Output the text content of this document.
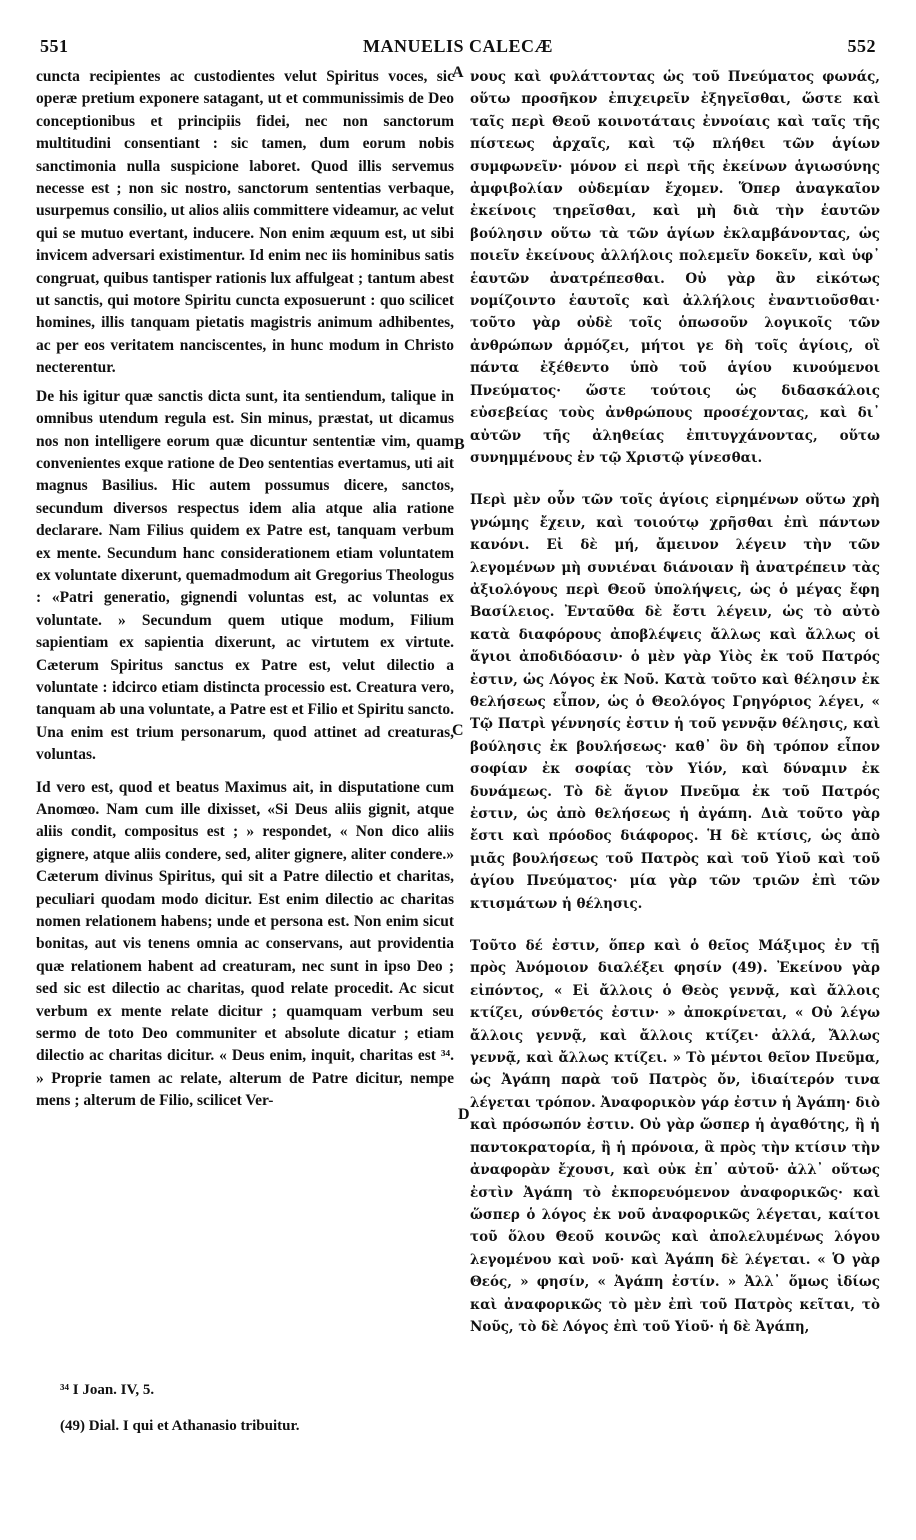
551	MANUELIS CALECÆ	552

cuncta recipientes ac custodientes velut Spiritus voces, sic operæ pretium exponere satagant, ut et communissimis de Deo conceptionibus et principiis fidei, nec non sanctorum multitudini consentiant : sic tamen, dum eorum nobis sanctimonia nulla suspicione laboret. Quod illis servemus necesse est ; non sic nostro, sanctorum sententias verbaque, usurpemus consilio, ut alios aliis committere videamur, ac velut qui se mutuo evertant, inducere. Non enim æquum est, ut sibi invicem adversari existimentur. Id enim nec iis hominibus satis congruat, quibus tantisper rationis lux affulgeat ; tantum abest ut sanctis, qui motore Spiritu cuncta exposuerunt : quo scilicet homines, illis tanquam pietatis magistris animum adhibentes, ac per eos veritatem nanciscentes, in hunc modum in Christo necterentur.

De his igitur quæ sanctis dicta sunt, ita sentiendum, talique in omnibus utendum regula est. Sin minus, præstat, ut dicamus nos non intelligere eorum quæ dicuntur sententiæ vim, quam convenientes exque ratione de Deo sententias evertamus, uti ait magnus Basilius. Hic autem possumus dicere, sanctos, secundum diversos respectus idem alia atque alia ratione declarare. Nam Filius quidem ex Patre est, tanquam verbum ex mente. Secundum hanc considerationem etiam voluntatem ex voluntate dixerunt, quemadmodum ait Gregorius Theologus : «Patri generatio, gignendi voluntas est, ac voluntas ex voluntate. » Secundum quem utique modum, Filium sapientiam ex sapientia dixerunt, ac virtutem ex virtute. Cæterum Spiritus sanctus ex Patre est, velut dilectio a voluntate : idcirco etiam distincta processio est. Creatura vero, tanquam ab una voluntate, a Patre est et Filio et Spiritu sancto. Una enim est trium personarum, quod attinet ad creaturas, voluntas.

Id vero est, quod et beatus Maximus ait, in disputatione cum Anomœo. Nam cum ille dixisset, «Si Deus aliis gignit, atque aliis condit, compositus est ; » respondet, « Non dico aliis gignere, atque aliis condere, sed, aliter gignere, aliter condere.» Cæterum divinus Spiritus, qui sit a Patre dilectio et charitas, peculiari quodam modo dicitur. Est enim dilectio ac charitas nomen relationem habens; unde et persona est. Non enim sicut bonitas, aut vis tenens omnia ac conservans, aut providentia quæ relationem habent ad creaturam, nec sunt in ipso Deo ; sed sic est dilectio ac charitas, quod relate procedit. Ac sicut verbum ex mente relate dicitur ; quamquam verbum seu sermo de toto Deo communiter et absolute dicatur ; etiam dilectio ac charitas dicitur. « Deus enim, inquit, charitas est ³⁴. » Proprie tamen ac relate, alterum de Patre dicitur, nempe mens ; alterum de Filio, scilicet Ver-

νους καὶ φυλάττοντας ὡς τοῦ Πνεύματος φωνάς, οὕτω προσῆκον ἐπιχειρεῖν ἐξηγεῖσθαι, ὥστε καὶ ταῖς περὶ Θεοῦ κοινοτάταις ἐννοίαις καὶ ταῖς τῆς πίστεως ἀρχαῖς, καὶ τῷ πλήθει τῶν ἁγίων συμφωνεῖν· μόνον εἰ περὶ τῆς ἐκείνων ἁγιωσύνης ἀμφιβολίαν οὐδεμίαν ἔχομεν. Ὅπερ ἀναγκαῖον ἐκείνοις τηρεῖσθαι, καὶ μὴ διὰ τὴν ἑαυτῶν βούλησιν οὕτω τὰ τῶν ἁγίων ἐκλαμβάνοντας, ὡς ποιεῖν ἐκείνους ἀλλήλοις πολεμεῖν δοκεῖν, καὶ ὑφ᾽ ἑαυτῶν ἀνατρέπεσθαι. Οὐ γὰρ ἂν εἰκότως νομίζοιντο ἑαυτοῖς καὶ ἀλλήλοις ἐναντιοῦσθαι· τοῦτο γὰρ οὐδὲ τοῖς ὁπωσοῦν λογικοῖς τῶν ἀνθρώπων ἁρμόζει, μήτοι γε δὴ τοῖς ἁγίοις, οἳ πάντα ἐξέθεντο ὑπὸ τοῦ ἁγίου κινούμενοι Πνεύματος· ὥστε τούτοις ὡς διδασκάλοις εὐσεβείας τοὺς ἀνθρώπους προσέχοντας, καὶ δι᾽ αὐτῶν τῆς ἀληθείας ἐπιτυγχάνοντας, οὕτω συνημμένους ἐν τῷ Χριστῷ γίνεσθαι.

Περὶ μὲν οὖν τῶν τοῖς ἁγίοις εἰρημένων οὕτω χρὴ γνώμης ἔχειν, καὶ τοιούτῳ χρῆσθαι ἐπὶ πάντων κανόνι. Εἰ δὲ μή, ἄμεινον λέγειν τὴν τῶν λεγομένων μὴ συνιέναι διάνοιαν ἢ ἀνατρέπειν τὰς ἀξιολόγους περὶ Θεοῦ ὑπολήψεις, ὡς ὁ μέγας ἔφη Βασίλειος. Ἐνταῦθα δὲ ἔστι λέγειν, ὡς τὸ αὐτὸ κατὰ διαφόρους ἀποβλέψεις ἄλλως καὶ ἄλλως οἱ ἅγιοι ἀποδιδόασιν· ὁ μὲν γὰρ Υἱὸς ἐκ τοῦ Πατρός ἐστιν, ὡς Λόγος ἐκ Νοῦ. Κατὰ τοῦτο καὶ θέλησιν ἐκ θελήσεως εἶπον, ὡς ὁ Θεολόγος Γρηγόριος λέγει, « Τῷ Πατρὶ γέννησίς ἐστιν ἡ τοῦ γεννᾷν θέλησις, καὶ βούλησις ἐκ βουλήσεως· καθ᾽ ὃν δὴ τρόπον εἶπον σοφίαν ἐκ σοφίας τὸν Υἱόν, καὶ δύναμιν ἐκ δυνάμεως. Τὸ δὲ ἅγιον Πνεῦμα ἐκ τοῦ Πατρός ἐστιν, ὡς ἀπὸ θελήσεως ἡ ἀγάπη. Διὰ τοῦτο γὰρ ἔστι καὶ πρόοδος διάφορος. Ἡ δὲ κτίσις, ὡς ἀπὸ μιᾶς βουλήσεως τοῦ Πατρὸς καὶ τοῦ Υἱοῦ καὶ τοῦ ἁγίου Πνεύματος· μία γὰρ τῶν τριῶν ἐπὶ τῶν κτισμάτων ἡ θέλησις.

Τοῦτο δέ ἐστιν, ὅπερ καὶ ὁ θεῖος Μάξιμος ἐν τῇ πρὸς Ἀνόμοιον διαλέξει φησίν (49). Ἐκείνου γὰρ εἰπόντος, « Εἰ ἄλλοις ὁ Θεὸς γεννᾷ, καὶ ἄλλοις κτίζει, σύνθετός ἐστιν· » ἀποκρίνεται, « Οὐ λέγω ἄλλοις γεννᾷ, καὶ ἄλλοις κτίζει· ἀλλά, Ἄλλως γεννᾷ, καὶ ἄλλως κτίζει. » Τὸ μέντοι θεῖον Πνεῦμα, ὡς Ἀγάπη παρὰ τοῦ Πατρὸς ὄν, ἰδιαίτερόν τινα λέγεται τρόπον. Ἀναφορικὸν γάρ ἐστιν ἡ Ἀγάπη· διὸ καὶ πρόσωπόν ἐστιν. Οὐ γὰρ ὥσπερ ἡ ἀγαθότης, ἢ ἡ παντοκρατορία, ἢ ἡ πρόνοια, ἃ πρὸς τὴν κτίσιν τὴν ἀναφορὰν ἔχουσι, καὶ οὐκ ἐπ᾽ αὐτοῦ· ἀλλ᾽ οὕτως ἐστὶν Ἀγάπη τὸ ἐκπορευόμενον ἀναφορικῶς· καὶ ὥσπερ ὁ λόγος ἐκ νοῦ ἀναφορικῶς λέγεται, καίτοι τοῦ ὅλου Θεοῦ κοινῶς καὶ ἀπολελυμένως λόγου λεγομένου καὶ νοῦ· καὶ Ἀγάπη δὲ λέγεται. « Ὁ γὰρ Θεός, » φησίν, « Ἀγάπη ἐστίν. » Ἀλλ᾽ ὅμως ἰδίως καὶ ἀναφορικῶς τὸ μὲν ἐπὶ τοῦ Πατρὸς κεῖται, τὸ Νοῦς, τὸ δὲ Λόγος ἐπὶ τοῦ Υἱοῦ· ἡ δὲ Ἀγάπη,

A
B
C
D
³⁴ I Joan. IV, 5.
(49) Dial. I qui et Athanasio tribuitur.
